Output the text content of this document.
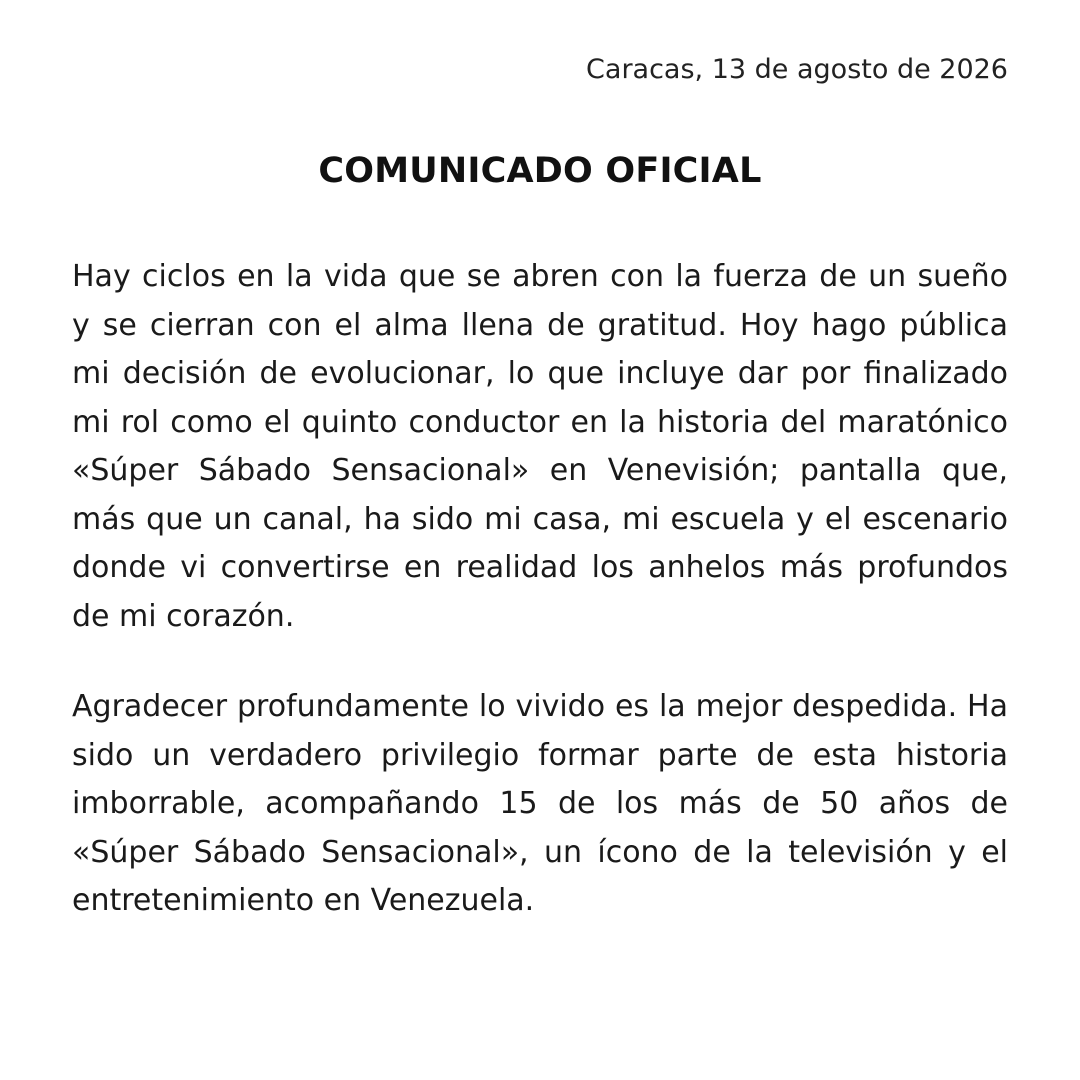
Caracas, 13 de agosto de 2026
COMUNICADO OFICIAL

Hay ciclos en la vida que se abren con la fuerza de un sueño y se cierran con el alma llena de gratitud. Hoy hago pública mi decisión de evolucionar, lo que incluye dar por finalizado mi rol como el quinto conductor en la historia del maratónico «Súper Sábado Sensacional» en Venevisión; pantalla que, más que un canal, ha sido mi casa, mi escuela y el escenario donde vi convertirse en realidad los anhelos más profundos de mi corazón.

Agradecer profundamente lo vivido es la mejor despedida. Ha sido un verdadero privilegio formar parte de esta historia imborrable, acompañando 15 de los más de 50 años de «Súper Sábado Sensacional», un ícono de la televisión y el entretenimiento en Venezuela.
